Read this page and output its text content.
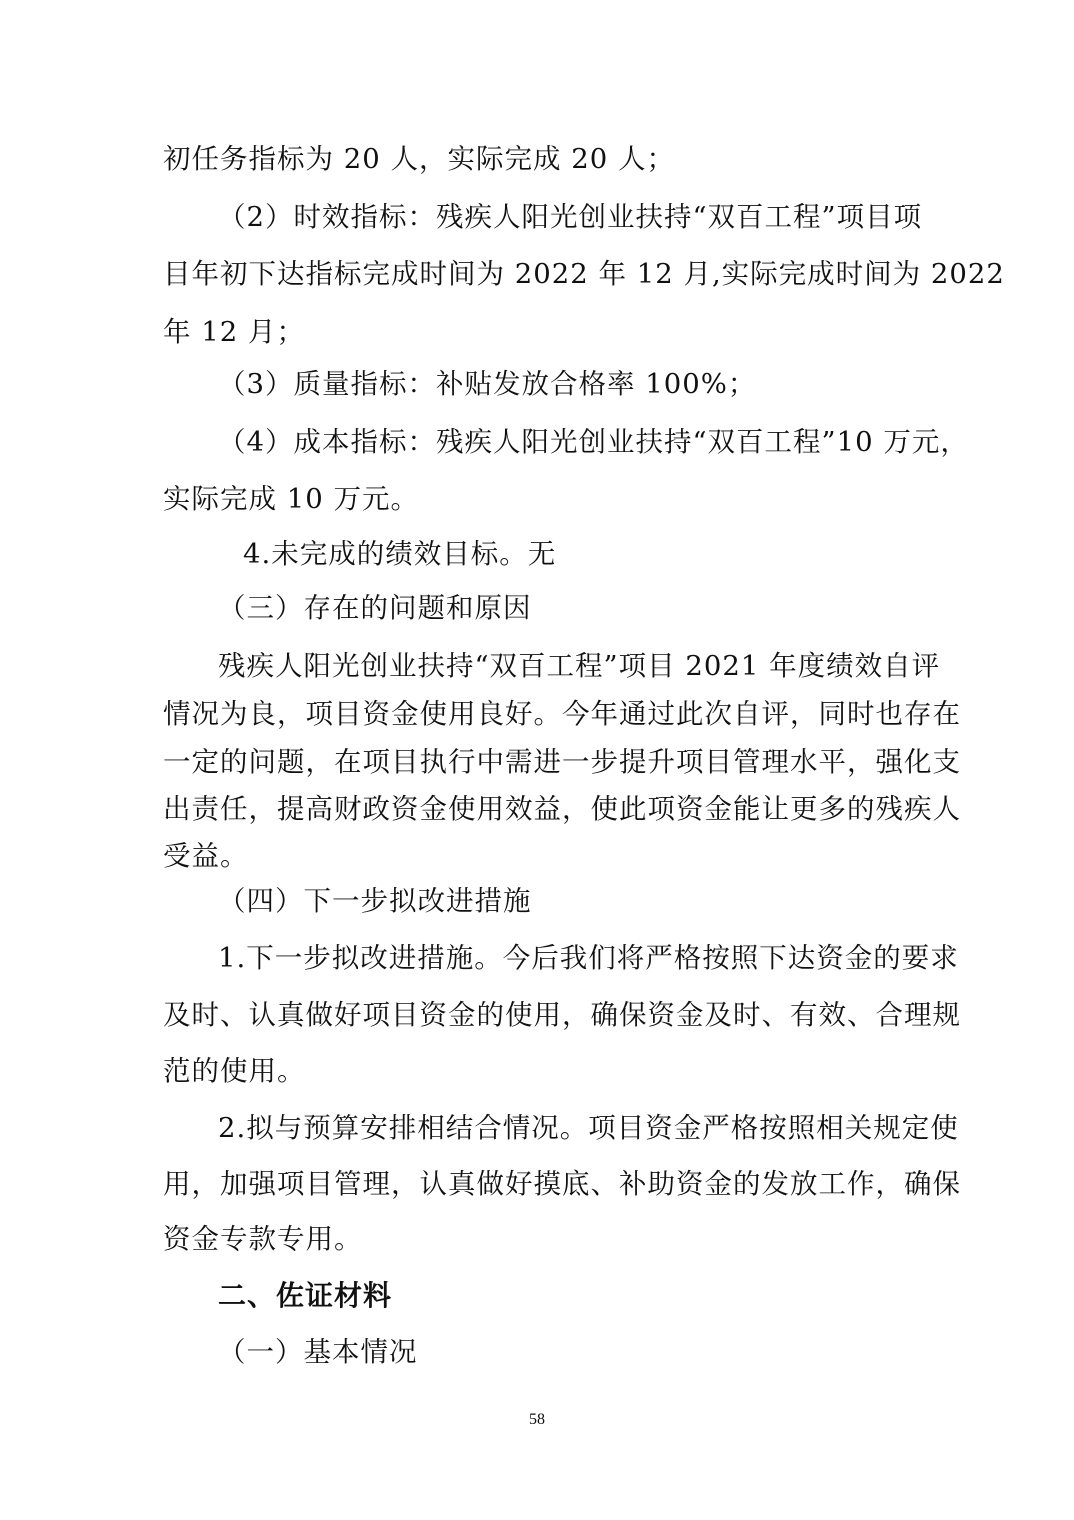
初任务指标为 20 人，实际完成 20 人；

（2）时效指标：残疾人阳光创业扶持“双百工程”项目项

目年初下达指标完成时间为 2022 年 12 月,实际完成时间为 2022

年 12 月；

（3）质量指标：补贴发放合格率 100%；

（4）成本指标：残疾人阳光创业扶持“双百工程”10 万元，

实际完成 10 万元。

4.未完成的绩效目标。无

（三）存在的问题和原因

残疾人阳光创业扶持“双百工程”项目 2021 年度绩效自评

情况为良，项目资金使用良好。今年通过此次自评，同时也存在

一定的问题，在项目执行中需进一步提升项目管理水平，强化支

出责任，提高财政资金使用效益，使此项资金能让更多的残疾人

受益。

（四）下一步拟改进措施

1.下一步拟改进措施。今后我们将严格按照下达资金的要求

及时、认真做好项目资金的使用，确保资金及时、有效、合理规

范的使用。

2.拟与预算安排相结合情况。项目资金严格按照相关规定使

用，加强项目管理，认真做好摸底、补助资金的发放工作，确保

资金专款专用。

二、佐证材料

（一）基本情况

58
